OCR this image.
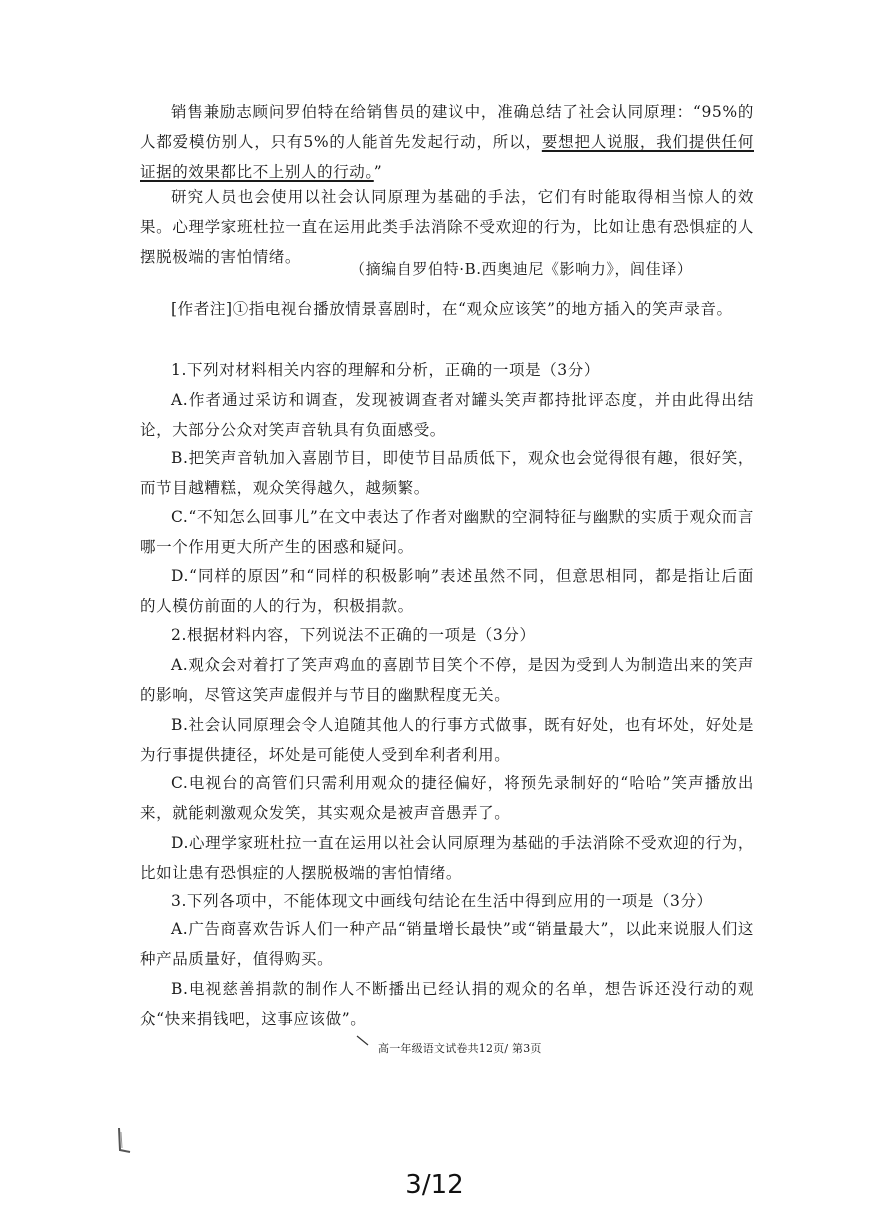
销售兼励志顾问罗伯特在给销售员的建议中，准确总结了社会认同原理：“95%的人都爱模仿别人，只有5%的人能首先发起行动，所以，要想把人说服，我们提供任何证据的效果都比不上别人的行动。”

研究人员也会使用以社会认同原理为基础的手法，它们有时能取得相当惊人的效果。心理学家班杜拉一直在运用此类手法消除不受欢迎的行为，比如让患有恐惧症的人摆脱极端的害怕情绪。

（摘编自罗伯特·B.西奥迪尼《影响力》，闾佳译）

[作者注]①指电视台播放情景喜剧时，在“观众应该笑”的地方插入的笑声录音。

1.下列对材料相关内容的理解和分析，正确的一项是（3分）

A.作者通过采访和调查，发现被调查者对罐头笑声都持批评态度，并由此得出结论，大部分公众对笑声音轨具有负面感受。

B.把笑声音轨加入喜剧节目，即使节目品质低下，观众也会觉得很有趣，很好笑，而节目越糟糕，观众笑得越久，越频繁。

C.“不知怎么回事儿”在文中表达了作者对幽默的空洞特征与幽默的实质于观众而言哪一个作用更大所产生的困惑和疑问。

D.“同样的原因”和“同样的积极影响”表述虽然不同，但意思相同，都是指让后面的人模仿前面的人的行为，积极捐款。

2.根据材料内容，下列说法不正确的一项是（3分）

A.观众会对着打了笑声鸡血的喜剧节目笑个不停，是因为受到人为制造出来的笑声的影响，尽管这笑声虚假并与节目的幽默程度无关。

B.社会认同原理会令人追随其他人的行事方式做事，既有好处，也有坏处，好处是为行事提供捷径，坏处是可能使人受到牟利者利用。

C.电视台的高管们只需利用观众的捷径偏好，将预先录制好的“哈哈”笑声播放出来，就能刺激观众发笑，其实观众是被声音愚弄了。

D.心理学家班杜拉一直在运用以社会认同原理为基础的手法消除不受欢迎的行为，比如让患有恐惧症的人摆脱极端的害怕情绪。

3.下列各项中，不能体现文中画线句结论在生活中得到应用的一项是（3分）

A.广告商喜欢告诉人们一种产品“销量增长最快”或“销量最大”，以此来说服人们这种产品质量好，值得购买。

B.电视慈善捐款的制作人不断播出已经认捐的观众的名单，想告诉还没行动的观众“快来捐钱吧，这事应该做”。

高一年级语文试卷共12页/ 第3页
3/12
